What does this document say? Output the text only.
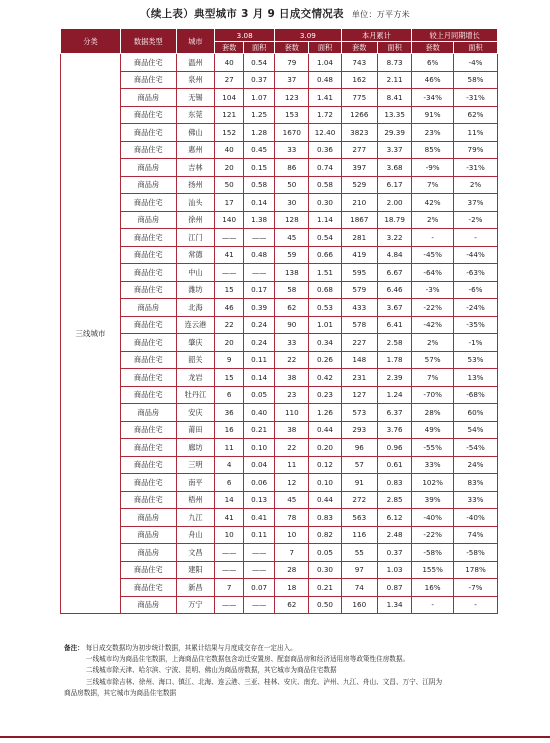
（续上表）典型城市 3 月 9 日成交情况表 单位：万平方米
分类	数据类型	城市	3.08		3.09		本月累计		较上月同期增长	
			套数	面积	套数	面积	套数	面积	套数	面积
三线城市	商品住宅	温州	40	0.54	79	1.04	743	8.73	6%	-4%
	商品住宅	泉州	27	0.37	37	0.48	162	2.11	46%	58%
	商品房	无锡	104	1.07	123	1.41	775	8.41	-34%	-31%
	商品住宅	东莞	121	1.25	153	1.72	1266	13.35	91%	62%
	商品住宅	佛山	152	1.28	1670	12.40	3823	29.39	23%	11%
	商品住宅	惠州	40	0.45	33	0.36	277	3.37	85%	79%
	商品房	吉林	20	0.15	86	0.74	397	3.68	-9%	-31%
	商品房	扬州	50	0.58	50	0.58	529	6.17	7%	2%
	商品住宅	汕头	17	0.14	30	0.30	210	2.00	42%	37%
	商品房	徐州	140	1.38	128	1.14	1867	18.79	2%	-2%
	商品住宅	江门	——	——	45	0.54	281	3.22	-	-
	商品住宅	常德	41	0.48	59	0.66	419	4.84	-45%	-44%
	商品住宅	中山	——	——	138	1.51	595	6.67	-64%	-63%
	商品住宅	潍坊	15	0.17	58	0.68	579	6.46	-3%	-6%
	商品房	北海	46	0.39	62	0.53	433	3.67	-22%	-24%
	商品住宅	连云港	22	0.24	90	1.01	578	6.41	-42%	-35%
	商品住宅	肇庆	20	0.24	33	0.34	227	2.58	2%	-1%
	商品住宅	韶关	9	0.11	22	0.26	148	1.78	57%	53%
	商品住宅	龙岩	15	0.14	38	0.42	231	2.39	7%	13%
	商品住宅	牡丹江	6	0.05	23	0.23	127	1.24	-70%	-68%
	商品房	安庆	36	0.40	110	1.26	573	6.37	28%	60%
	商品住宅	莆田	16	0.21	38	0.44	293	3.76	49%	54%
	商品住宅	廊坊	11	0.10	22	0.20	96	0.96	-55%	-54%
	商品住宅	三明	4	0.04	11	0.12	57	0.61	33%	24%
	商品住宅	南平	6	0.06	12	0.10	91	0.83	102%	83%
	商品住宅	梧州	14	0.13	45	0.44	272	2.85	39%	33%
	商品房	九江	41	0.41	78	0.83	563	6.12	-40%	-40%
	商品房	舟山	10	0.11	10	0.82	116	2.48	-22%	74%
	商品房	文昌	——	——	7	0.05	55	0.37	-58%	-58%
	商品住宅	建阳	——	——	28	0.30	97	1.03	155%	178%
	商品住宅	新昌	7	0.07	18	0.21	74	0.87	16%	-7%
	商品房	万宁	——	——	62	0.50	160	1.34	-	-
备注： 每日成交数据均为初步统计数据，其累计结果与月度成交存在一定出入。
一线城市均为商品住宅数据，上海商品住宅数据包含动迁安置房、配套商品房和经济适用房等政策性住房数据。
二线城市除天津、哈尔滨、宁波、昆明、佛山为商品房数据，其它城市为商品住宅数据
三线城市除吉林、徐州、海口、镇江、北海、连云港、三亚、桂林、安庆、南充、泸州、九江、舟山、文昌、万宁、江阴为
商品房数据，其它城市为商品住宅数据
